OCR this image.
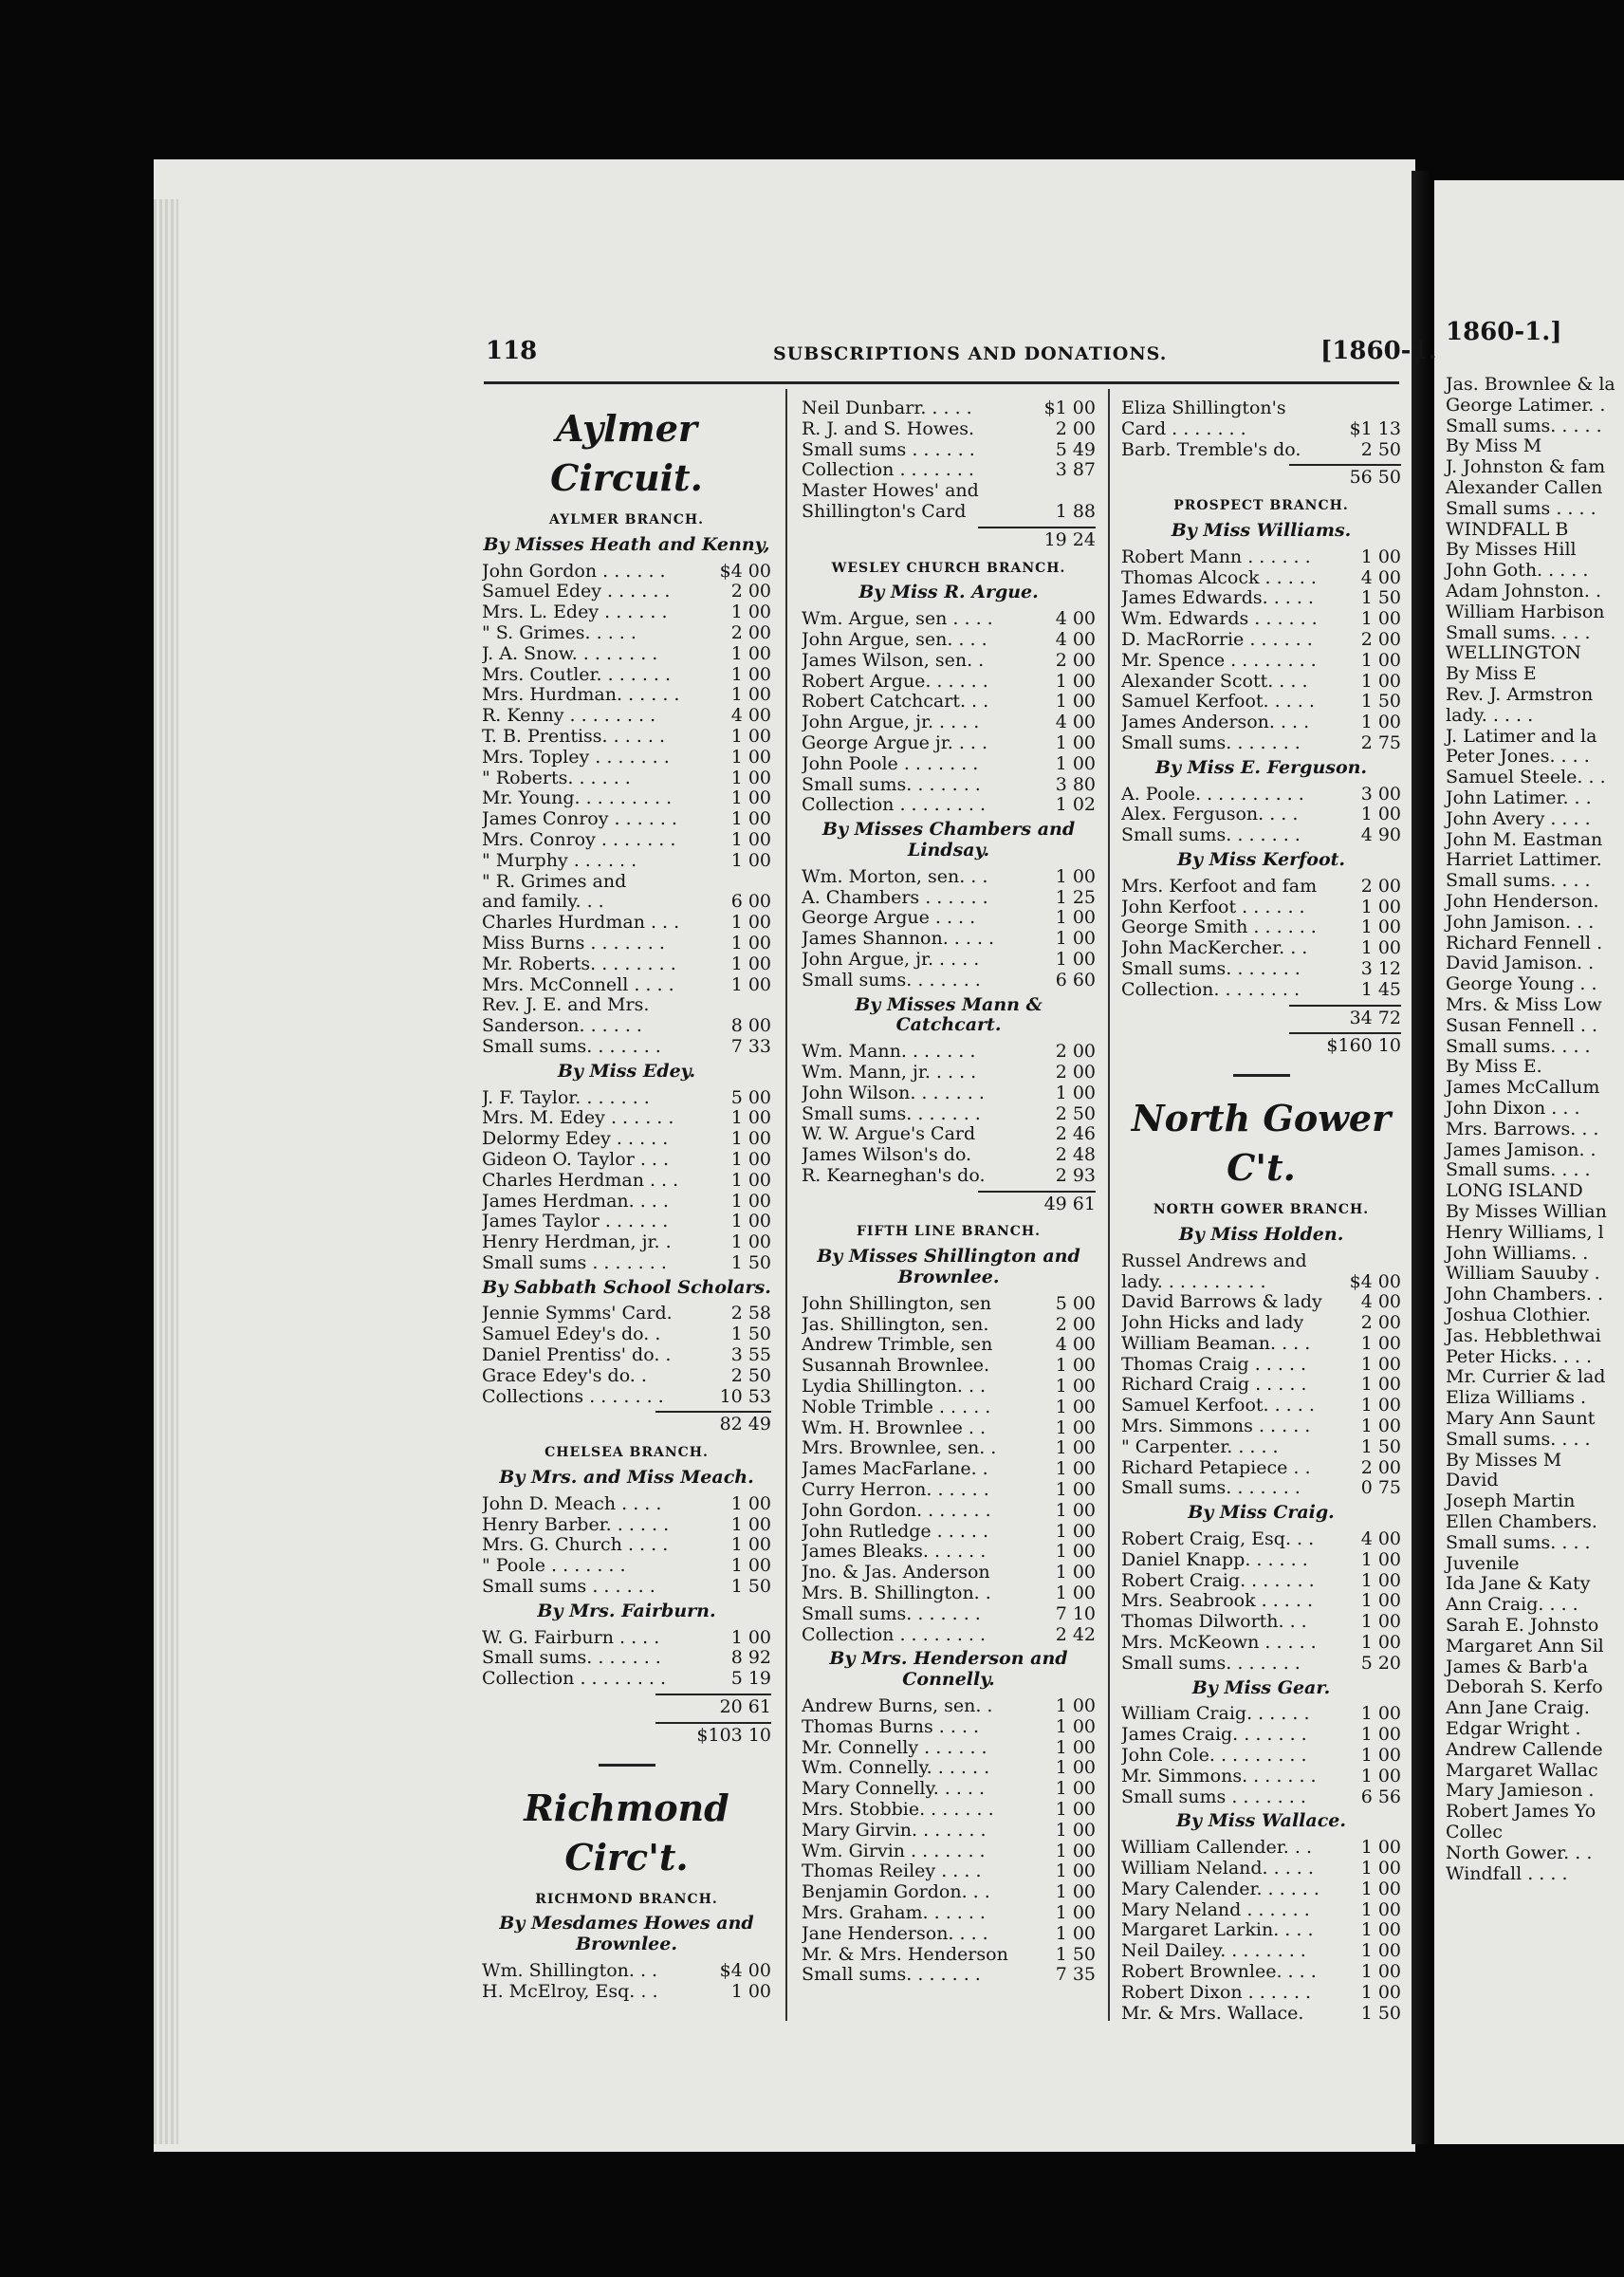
1860-1.]
Jas. Brownlee & la
George Latimer. .
Small sums. . . . .
By Miss M
J. Johnston & fam
Alexander Callen
Small sums . . . .
WINDFALL B
By Misses Hill
John Goth. . . . .
Adam Johnston. .
William Harbison
Small sums. . . .
WELLINGTON
By Miss E
Rev. J. Armstron
lady. . . . .
J. Latimer and la
Peter Jones. . . .
Samuel Steele. . .
John Latimer. . .
John Avery . . . .
John M. Eastman
Harriet Lattimer.
Small sums. . . .
John Henderson.
John Jamison. . .
Richard Fennell .
David Jamison. .
George Young . .
Mrs. & Miss Low
Susan Fennell . .
Small sums. . . .
By Miss E.
James McCallum
John Dixon . . .
Mrs. Barrows. . .
James Jamison. .
Small sums. . . .
LONG ISLAND
By Misses Willian
Henry Williams, l
John Williams. .
William Sauuby .
John Chambers. .
Joshua Clothier.
Jas. Hebblethwai
Peter Hicks. . . .
Mr. Currier & lad
Eliza Williams .
Mary Ann Saunt
Small sums. . . .
By Misses M
David
Joseph Martin
Ellen Chambers.
Small sums. . . .
Juvenile
Ida Jane & Katy
Ann Craig. . . .
Sarah E. Johnsto
Margaret Ann Sil
James & Barb'a
Deborah S. Kerfo
Ann Jane Craig.
Edgar Wright .
Andrew Callende
Margaret Wallac
Mary Jamieson .
Robert James Yo
Collec
North Gower. . .
Windfall . . . .
118	SUBSCRIPTIONS AND DONATIONS.	[1860-1.
Aylmer Circuit.
AYLMER BRANCH.
By Misses Heath and Kenny,
John Gordon . . . . . .	$4 00
Samuel Edey . . . . . .	2 00
Mrs. L. Edey . . . . . .	1 00
" S. Grimes. . . . .	2 00
J. A. Snow. . . . . . . .	1 00
Mrs. Coutler. . . . . . .	1 00
Mrs. Hurdman. . . . . .	1 00
R. Kenny . . . . . . . .	4 00
T. B. Prentiss. . . . . .	1 00
Mrs. Topley . . . . . . .	1 00
" Roberts. . . . . .	1 00
Mr. Young. . . . . . . . .	1 00
James Conroy . . . . . .	1 00
Mrs. Conroy . . . . . . .	1 00
" Murphy . . . . . .	1 00
" R. Grimes and
and family. . .	6 00
Charles Hurdman . . .	1 00
Miss Burns . . . . . . .	1 00
Mr. Roberts. . . . . . . .	1 00
Mrs. McConnell . . . .	1 00
Rev. J. E. and Mrs.
Sanderson. . . . . .	8 00
Small sums. . . . . . .	7 33
By Miss Edey.
J. F. Taylor. . . . . . .	5 00
Mrs. M. Edey . . . . . .	1 00
Delormy Edey . . . . .	1 00
Gideon O. Taylor . . .	1 00
Charles Herdman . . .	1 00
James Herdman. . . .	1 00
James Taylor . . . . . .	1 00
Henry Herdman, jr. .	1 00
Small sums . . . . . . .	1 50
By Sabbath School Scholars.
Jennie Symms' Card.	2 58
Samuel Edey's do. .	1 50
Daniel Prentiss' do. .	3 55
Grace Edey's do. .	2 50
Collections . . . . . . .	10 53
82 49
CHELSEA BRANCH.
By Mrs. and Miss Meach.
John D. Meach . . . .	1 00
Henry Barber. . . . . .	1 00
Mrs. G. Church . . . .	1 00
" Poole . . . . . . .	1 00
Small sums . . . . . .	1 50
By Mrs. Fairburn.
W. G. Fairburn . . . .	1 00
Small sums. . . . . . .	8 92
Collection . . . . . . . .	5 19
20 61
$103 10
Richmond Circ't.
RICHMOND BRANCH.
By Mesdames Howes and Brownlee.
Wm. Shillington. . .	$4 00
H. McElroy, Esq. . .	1 00
Neil Dunbarr. . . . .	$1 00
R. J. and S. Howes.	2 00
Small sums . . . . . .	5 49
Collection . . . . . . .	3 87
Master Howes' and
Shillington's Card	1 88
19 24
WESLEY CHURCH BRANCH.
By Miss R. Argue.
Wm. Argue, sen . . . .	4 00
John Argue, sen. . . .	4 00
James Wilson, sen. .	2 00
Robert Argue. . . . . .	1 00
Robert Catchcart. . .	1 00
John Argue, jr. . . . .	4 00
George Argue jr. . . .	1 00
John Poole . . . . . . .	1 00
Small sums. . . . . . .	3 80
Collection . . . . . . . .	1 02
By Misses Chambers and Lindsay.
Wm. Morton, sen. . .	1 00
A. Chambers . . . . . .	1 25
George Argue . . . .	1 00
James Shannon. . . . .	1 00
John Argue, jr. . . . .	1 00
Small sums. . . . . . .	6 60
By Misses Mann & Catchcart.
Wm. Mann. . . . . . .	2 00
Wm. Mann, jr. . . . .	2 00
John Wilson. . . . . . .	1 00
Small sums. . . . . . .	2 50
W. W. Argue's Card	2 46
James Wilson's do.	2 48
R. Kearneghan's do.	2 93
49 61
FIFTH LINE BRANCH.
By Misses Shillington and Brownlee.
John Shillington, sen	5 00
Jas. Shillington, sen.	2 00
Andrew Trimble, sen	4 00
Susannah Brownlee.	1 00
Lydia Shillington. . .	1 00
Noble Trimble . . . . .	1 00
Wm. H. Brownlee . .	1 00
Mrs. Brownlee, sen. .	1 00
James MacFarlane. .	1 00
Curry Herron. . . . . .	1 00
John Gordon. . . . . . .	1 00
John Rutledge . . . . .	1 00
James Bleaks. . . . . .	1 00
Jno. & Jas. Anderson	1 00
Mrs. B. Shillington. .	1 00
Small sums. . . . . . .	7 10
Collection . . . . . . . .	2 42
By Mrs. Henderson and Connelly.
Andrew Burns, sen. .	1 00
Thomas Burns . . . .	1 00
Mr. Connelly . . . . . .	1 00
Wm. Connelly. . . . . .	1 00
Mary Connelly. . . . .	1 00
Mrs. Stobbie. . . . . . .	1 00
Mary Girvin. . . . . . .	1 00
Wm. Girvin . . . . . . .	1 00
Thomas Reiley . . . .	1 00
Benjamin Gordon. . .	1 00
Mrs. Graham. . . . . .	1 00
Jane Henderson. . . .	1 00
Mr. & Mrs. Henderson	1 50
Small sums. . . . . . .	7 35
Eliza Shillington's
Card . . . . . . .	$1 13
Barb. Tremble's do.	2 50
56 50
PROSPECT BRANCH.
By Miss Williams.
Robert Mann . . . . . .	1 00
Thomas Alcock . . . . .	4 00
James Edwards. . . . .	1 50
Wm. Edwards . . . . . .	1 00
D. MacRorrie . . . . . .	2 00
Mr. Spence . . . . . . . .	1 00
Alexander Scott. . . .	1 00
Samuel Kerfoot. . . . .	1 50
James Anderson. . . .	1 00
Small sums. . . . . . .	2 75
By Miss E. Ferguson.
A. Poole. . . . . . . . . .	3 00
Alex. Ferguson. . . .	1 00
Small sums. . . . . . .	4 90
By Miss Kerfoot.
Mrs. Kerfoot and fam	2 00
John Kerfoot . . . . . .	1 00
George Smith . . . . . .	1 00
John MacKercher. . .	1 00
Small sums. . . . . . .	3 12
Collection. . . . . . . .	1 45
34 72
$160 10
North Gower C't.
NORTH GOWER BRANCH.
By Miss Holden.
Russel Andrews and
lady. . . . . . . . . .	$4 00
David Barrows & lady	4 00
John Hicks and lady	2 00
William Beaman. . . .	1 00
Thomas Craig . . . . .	1 00
Richard Craig . . . . .	1 00
Samuel Kerfoot. . . . .	1 00
Mrs. Simmons . . . . .	1 00
" Carpenter. . . . .	1 50
Richard Petapiece . .	2 00
Small sums. . . . . . .	0 75
By Miss Craig.
Robert Craig, Esq. . .	4 00
Daniel Knapp. . . . . .	1 00
Robert Craig. . . . . . .	1 00
Mrs. Seabrook . . . . .	1 00
Thomas Dilworth. . .	1 00
Mrs. McKeown . . . . .	1 00
Small sums. . . . . . .	5 20
By Miss Gear.
William Craig. . . . . .	1 00
James Craig. . . . . . .	1 00
John Cole. . . . . . . . .	1 00
Mr. Simmons. . . . . . .	1 00
Small sums . . . . . . .	6 56
By Miss Wallace.
William Callender. . .	1 00
William Neland. . . . .	1 00
Mary Calender. . . . . .	1 00
Mary Neland . . . . . .	1 00
Margaret Larkin. . . .	1 00
Neil Dailey. . . . . . . .	1 00
Robert Brownlee. . . .	1 00
Robert Dixon . . . . . .	1 00
Mr. & Mrs. Wallace.	1 50
